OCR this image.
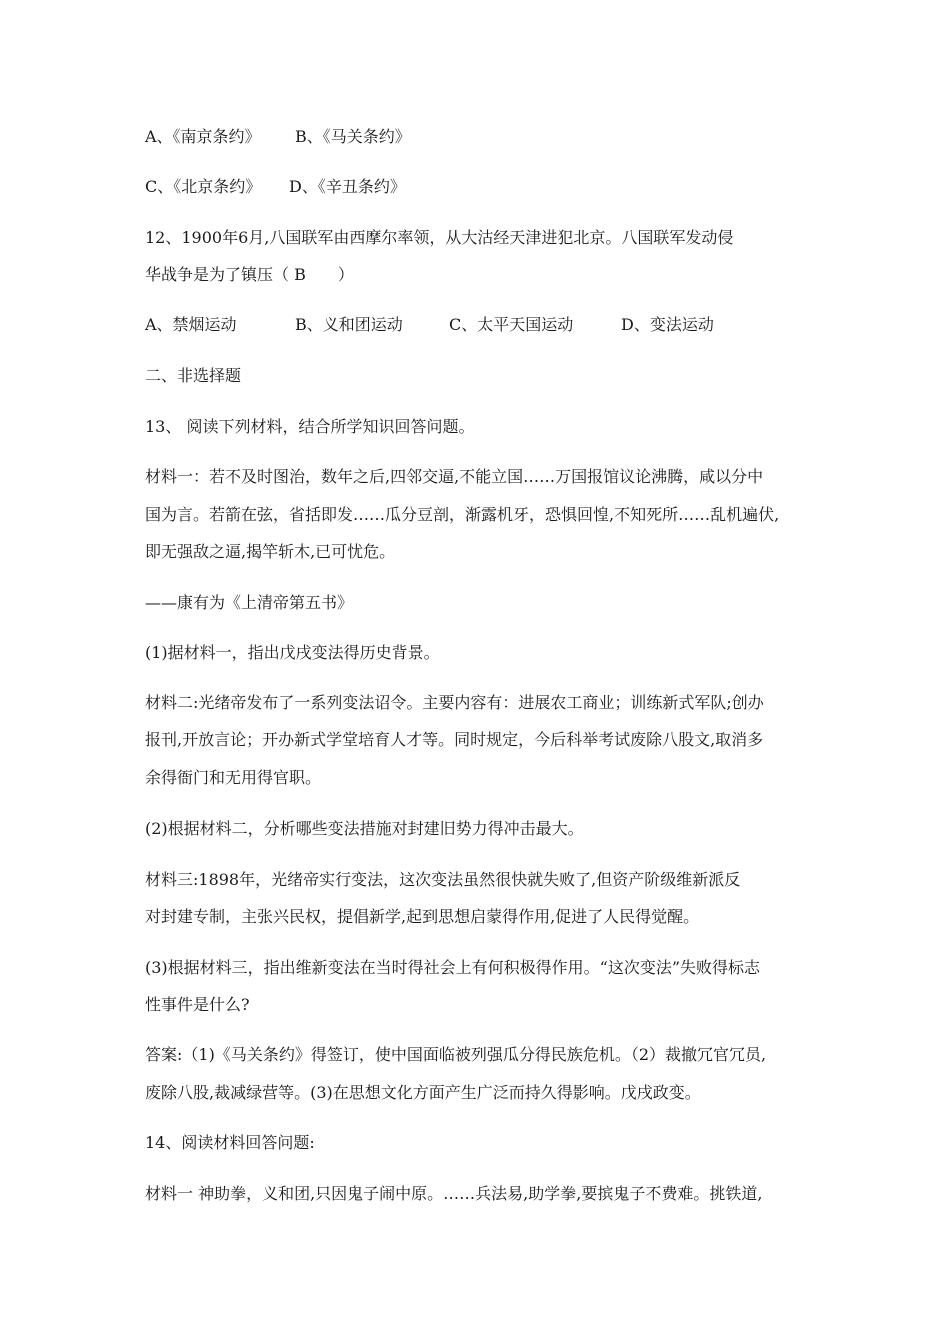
A、《南京条约》 B、《马关条约》
C、《北京条约》 D、《辛丑条约》
12、1900年6月,八国联军由西摩尔率领，从大沽经天津进犯北京。八国联军发动侵
华战争是为了镇压（ B　　）
A、禁烟运动	B、义和团运动	C、太平天国运动	D、变法运动
二、非选择题
13、 阅读下列材料，结合所学知识回答问题。
材料一：若不及时图治，数年之后,四邻交逼,不能立国……万国报馆议论沸腾，咸以分中
国为言。若箭在弦，省括即发……瓜分豆剖，渐露机牙，恐惧回惶,不知死所……乱机遍伏,
即无强敌之逼,揭竿斩木,已可忧危。
——康有为《上清帝第五书》
(1)据材料一，指出戊戌变法得历史背景。
材料二:光绪帝发布了一系列变法诏令。主要内容有：进展农工商业；训练新式军队;创办
报刊,开放言论；开办新式学堂培育人才等。同时规定，今后科举考试废除八股文,取消多
余得衙门和无用得官职。
(2)根据材料二，分析哪些变法措施对封建旧势力得冲击最大。
材料三:1898年，光绪帝实行变法，这次变法虽然很快就失败了,但资产阶级维新派反
对封建专制，主张兴民权，提倡新学,起到思想启蒙得作用,促进了人民得觉醒。
(3)根据材料三，指出维新变法在当时得社会上有何积极得作用。“这次变法”失败得标志
性事件是什么?
答案:（1)《马关条约》得签订，使中国面临被列强瓜分得民族危机。（2）裁撤冗官冗员,
废除八股,裁减绿营等。(3)在思想文化方面产生广泛而持久得影响。戊戌政变。
14、阅读材料回答问题:
材料一 神助拳，义和团,只因鬼子闹中原。……兵法易,助学拳,要摈鬼子不费难。挑铁道,
